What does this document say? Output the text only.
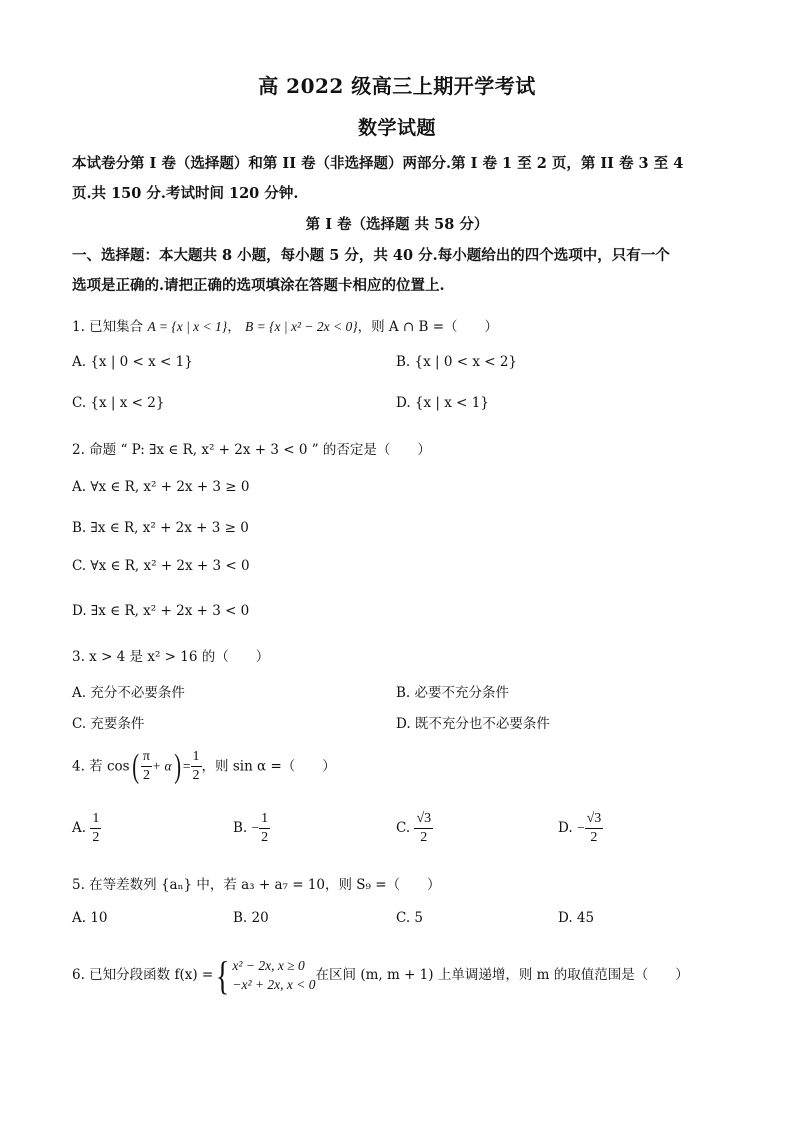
高 2022 级高三上期开学考试
数学试题
本试卷分第 I 卷（选择题）和第 II 卷（非选择题）两部分.第 I 卷 1 至 2 页，第 II 卷 3 至 4
页.共 150 分.考试时间 120 分钟.
第 I 卷（选择题 共 58 分）
一、选择题：本大题共 8 小题，每小题 5 分，共 40 分.每小题给出的四个选项中，只有一个
选项是正确的.请把正确的选项填涂在答题卡相应的位置上.
1. 已知集合 A = {x | x < 1}， B = {x | x² − 2x < 0}，则 A ∩ B =（　　）
A. {x | 0 < x < 1}	B. {x | 0 < x < 2}
C. {x | x < 2}	D. {x | x < 1}
2. 命题 “ P: ∃x ∈ R, x² + 2x + 3 < 0 ” 的否定是（　　）
A. ∀x ∈ R, x² + 2x + 3 ≥ 0
B. ∃x ∈ R, x² + 2x + 3 ≥ 0
C. ∀x ∈ R, x² + 2x + 3 < 0
D. ∃x ∈ R, x² + 2x + 3 < 0
3. x > 4 是 x² > 16 的（　　）
A. 充分不必要条件	B. 必要不充分条件
C. 充要条件	D. 既不充分也不必要条件
4. 若 $\cos( \frac{\pi}{2} + \alpha) = \frac{1}{2}$ ，则 sin α =（　　）
A. $\frac{1}{2}$	B. − $\frac{1}{2}$	C. $\frac{√3}{2}$	D. − $\frac{√3}{2}$
5. 在等差数列 {aₙ} 中，若 a₃ + a₇ = 10，则 S₉ =（　　）
A. 10	B. 20	C. 5	D. 45
6. 已知分段函数 f(x) ={ x² − 2x, x ≥ 0
−x² + 2x, x < 0
在区间 (m, m + 1) 上单调递增，则 m 的取值范围是（　　）
